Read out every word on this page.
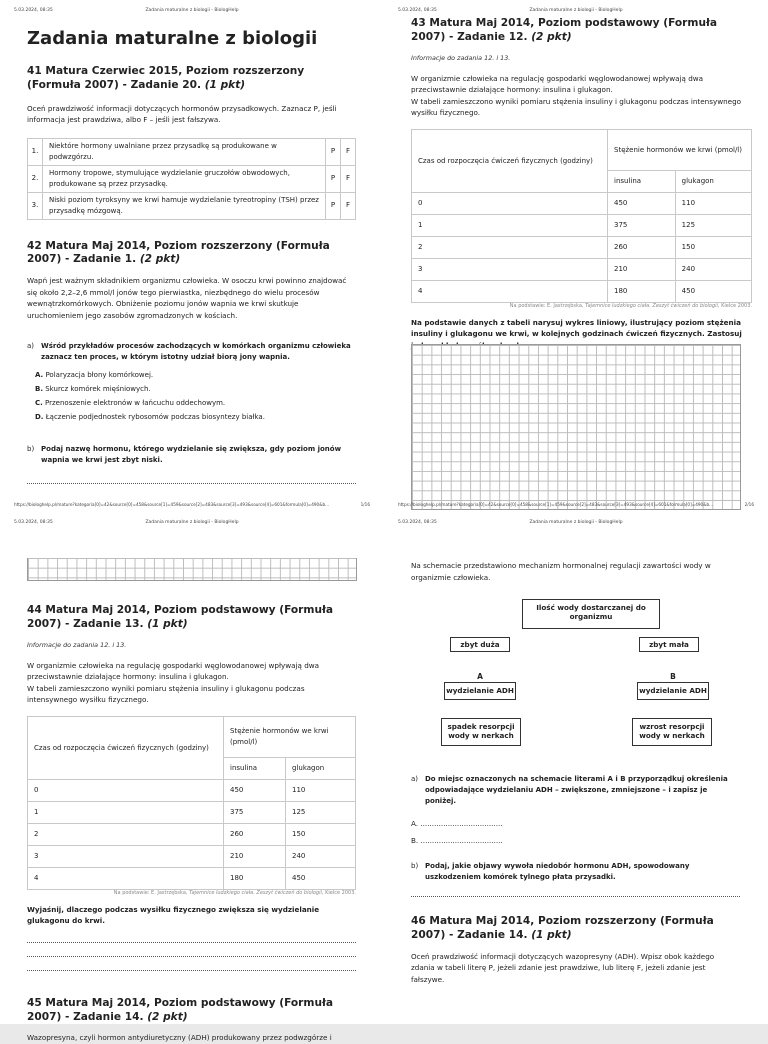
5.03.2024, 08:35	Zadania maturalne z biologii - BiologHelp
Zadania maturalne z biologii
41 Matura Czerwiec 2015, Poziom rozszerzony (Formuła 2007) - Zadanie 20. (1 pkt)

Oceń prawdziwość informacji dotyczących hormonów przysadkowych. Zaznacz P, jeśli informacja jest prawdziwa, albo F – jeśli jest fałszywa.

1.	Niektóre hormony uwalniane przez przysadkę są produkowane w podwzgórzu.	P	F
2.	Hormony tropowe, stymulujące wydzielanie gruczołów obwodowych, produkowane są przez przysadkę.	P	F
3.	Niski poziom tyroksyny we krwi hamuje wydzielanie tyreotropiny (TSH) przez przysadkę mózgową.	P	F
42 Matura Maj 2014, Poziom rozszerzony (Formuła 2007) - Zadanie 1. (2 pkt)

Wapń jest ważnym składnikiem organizmu człowieka. W osoczu krwi powinno znajdować się około 2,2–2,6 mmol/l jonów tego pierwiastka, niezbędnego do wielu procesów wewnątrzkomórkowych. Obniżenie poziomu jonów wapnia we krwi skutkuje uruchomieniem jego zasobów zgromadzonych w kościach.

a) Wśród przykładów procesów zachodzących w komórkach organizmu człowieka zaznacz ten proces, w którym istotny udział biorą jony wapnia.
A. Polaryzacja błony komórkowej.
B. Skurcz komórek mięśniowych.
C. Przenoszenie elektronów w łańcuchu oddechowym.
D. Łączenie podjednostek rybosomów podczas biosyntezy białka.
b) Podaj nazwę hormonu, którego wydzielanie się zwiększa, gdy poziom jonów wapnia we krwi jest zbyt niski.
https://biologhelp.pl/mature?kategoria[0]=42&source[0]=458&source[1]=459&source[2]=483&source[3]=493&source[4]=601&formula[0]=490&b...	1/16
5.03.2024, 08:35	Zadania maturalne z biologii - BiologHelp
43 Matura Maj 2014, Poziom podstawowy (Formuła 2007) - Zadanie 12. (2 pkt)

Informacje do zadania 12. i 13.

W organizmie człowieka na regulację gospodarki węglowodanowej wpływają dwa przeciwstawnie działające hormony: insulina i glukagon.

W tabeli zamieszczono wyniki pomiaru stężenia insuliny i glukagonu podczas intensywnego wysiłku fizycznego.

Czas od rozpoczęcia ćwiczeń fizycznych (godziny)	Stężenie hormonów we krwi (pmol/l)	
	insulina	glukagon
0	450	110
1	375	125
2	260	150
3	210	240
4	180	450
Na podstawie: E. Jastrzębska, Tajemnice ludzkiego ciała. Zeszyt ćwiczeń do biologii, Kielce 2003.

Na podstawie danych z tabeli narysuj wykres liniowy, ilustrujący poziom stężenia insuliny i glukagonu we krwi, w kolejnych godzinach ćwiczeń fizycznych. Zastosuj

https://biologhelp.pl/mature?kategoria[0]=42&source[0]=458&source[1]=459&source[2]=483&source[3]=493&source[4]=601&formula[0]=490&b...	2/16
5.03.2024, 08:35	Zadania maturalne z biologii - BiologHelp
44 Matura Maj 2014, Poziom podstawowy (Formuła 2007) - Zadanie 13. (1 pkt)

Informacje do zadania 12. i 13.

W organizmie człowieka na regulację gospodarki węglowodanowej wpływają dwa przeciwstawnie działające hormony: insulina i glukagon.

W tabeli zamieszczono wyniki pomiaru stężenia insuliny i glukagonu podczas intensywnego wysiłku fizycznego.

Czas od rozpoczęcia ćwiczeń fizycznych (godziny)	Stężenie hormonów we krwi (pmol/l)	
	insulina	glukagon
0	450	110
1	375	125
2	260	150
3	210	240
4	180	450
Na podstawie: E. Jastrzębska, Tajemnice ludzkiego ciała. Zeszyt ćwiczeń do biologii, Kielce 2003.

Wyjaśnij, dlaczego podczas wysiłku fizycznego zwiększa się wydzielanie glukagonu do krwi.

45 Matura Maj 2014, Poziom podstawowy (Formuła 2007) - Zadanie 14. (2 pkt)

Wazopresyna, czyli hormon antydiuretyczny (ADH) produkowany przez podwzgórze i

5.03.2024, 08:35	Zadania maturalne z biologii - BiologHelp

Na schemacie przedstawiono mechanizm hormonalnej regulacji zawartości wody w organizmie człowieka.

Ilość wody dostarczanej do organizmu
zbyt duża	zbyt mała
A	B
wydzielanie ADH	wydzielanie ADH
spadek resorpcji wody w nerkach
wzrost resorpcji wody w nerkach
a) Do miejsc oznaczonych na schemacie literami A i B przyporządkuj określenia odpowiadające wydzielaniu ADH – zwiększone, zmniejszone – i zapisz je poniżej.

A. ....................................

B. ....................................

b) Podaj, jakie objawy wywoła niedobór hormonu ADH, spowodowany uszkodzeniem komórek tylnego płata przysadki.
46 Matura Maj 2014, Poziom rozszerzony (Formuła 2007) - Zadanie 14. (1 pkt)

Oceń prawdziwość informacji dotyczących wazopresyny (ADH). Wpisz obok każdego zdania w tabeli literę P, jeżeli zdanie jest prawdziwe, lub literę F, jeżeli zdanie jest fałszywe.
